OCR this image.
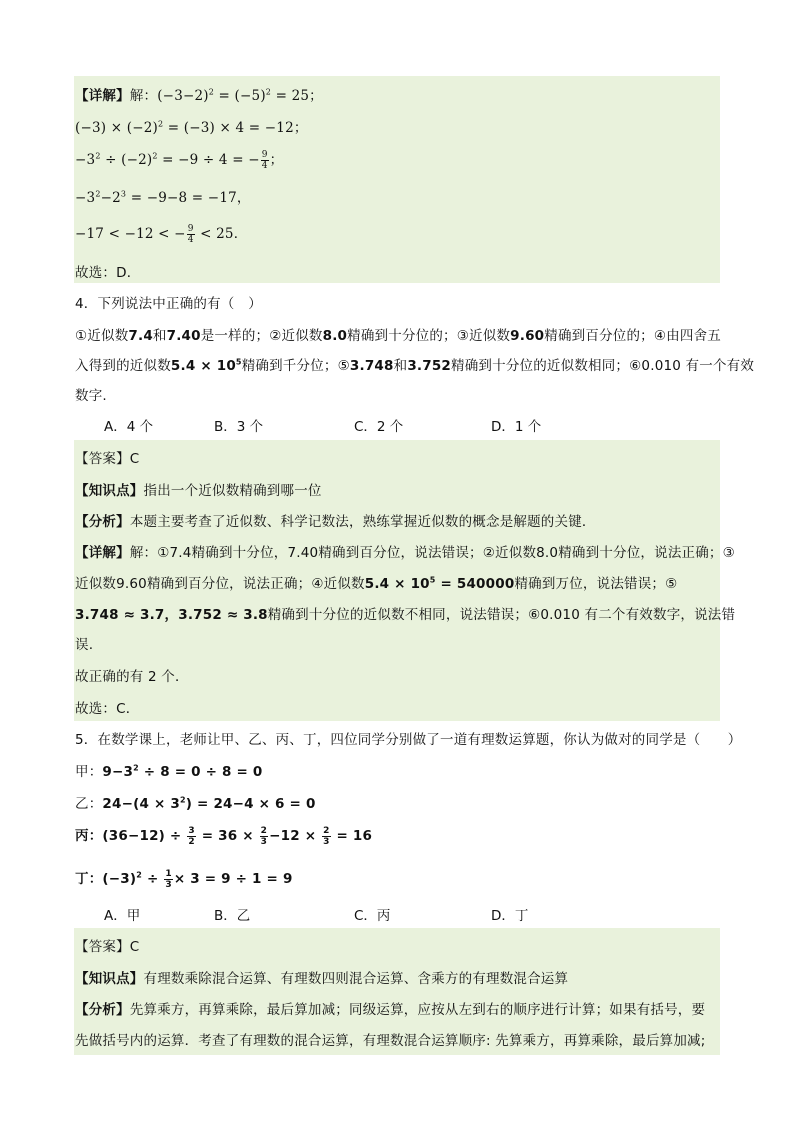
【详解】解：$(-3-2)^2 = (-5)^2 = 25$；
$(-3) \times (-2)^2 = (-3) \times 4 = -12$；
$-3^2 \div (-2)^2 = -9 \div 4$ = − $\frac{9}{4}$ ；
$-3^2-2^3 = -9-8 = -17$，
−17 < −12 < − $\frac{9}{4} < 25$．
故选：D．
4．下列说法中正确的有（　）
①近似数7.4和7.40是一样的；②近似数8.0精确到十分位的；③近似数9.60精确到百分位的；④由四舍五
入得到的近似数$5.4 \times 10^5$精确到千分位；⑤3.748和3.752精确到十分位的近似数相同；⑥0.010 有一个有效
数字.
A．4 个	B．3 个	C．2 个	D．1 个
【答案】C
【知识点】指出一个近似数精确到哪一位
【分析】本题主要考查了近似数、科学记数法，熟练掌握近似数的概念是解题的关键．
【详解】解：①7.4精确到十分位，7.40精确到百分位，说法错误；②近似数8.0精确到十分位，说法正确；③
近似数9.60精确到百分位，说法正确；④近似数$5.4 \times 10^5 = 540000$精确到万位，说法错误；⑤
3.748 ≈ 3.7，3.752 ≈ 3.8精确到十分位的近似数不相同，说法错误；⑥0.010 有二个有效数字，说法错
误.
故正确的有 2 个．
故选：C．
5．在数学课上，老师让甲、乙、丙、丁，四位同学分别做了一道有理数运算题，你认为做对的同学是（　　）
甲：$9-3^2 \div 8 = 0 \div 8 = 0$
乙：$24-(4 \times 3^2) = 24-4 \times 6 = 0$
丙：$(36-12) \div \frac{3}{2} = 36 \times \frac{2}{3} -12 \times \frac{2}{3} = 16$
丁：$(-3)^2 \div \frac{1}{3} \times 3 = 9 \div 1 = 9$
A．甲	B．乙	C．丙	D．丁
【答案】C
【知识点】有理数乘除混合运算、有理数四则混合运算、含乘方的有理数混合运算
【分析】先算乘方，再算乘除，最后算加减；同级运算，应按从左到右的顺序进行计算；如果有括号，要
先做括号内的运算．考查了有理数的混合运算，有理数混合运算顺序: 先算乘方，再算乘除，最后算加减;
